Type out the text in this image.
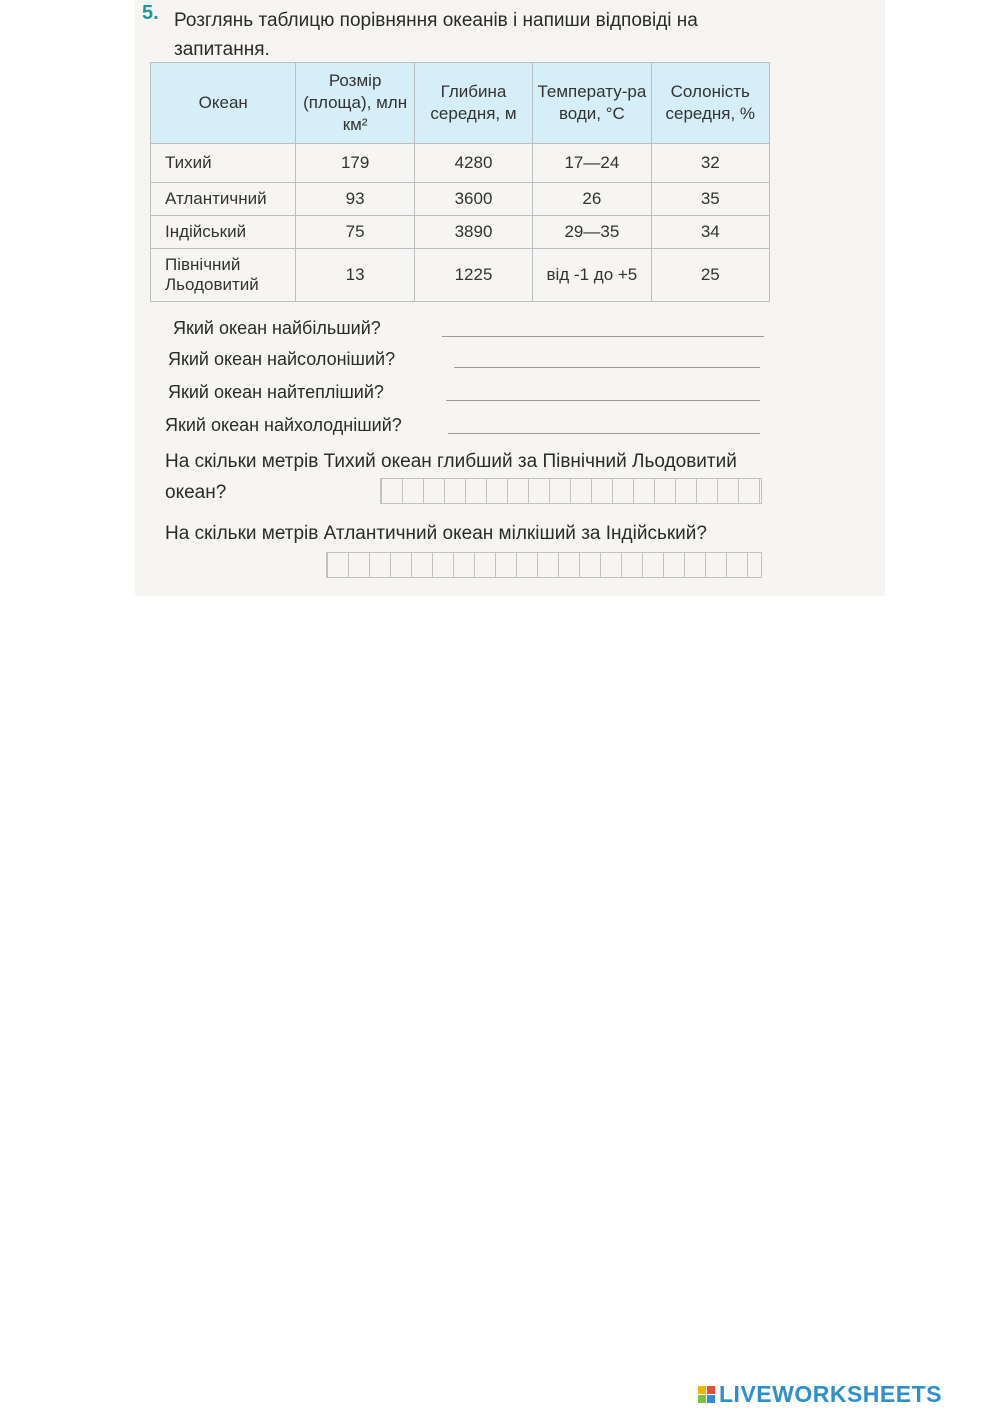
5. Розглянь таблицю порівняння океанів і напиши відповіді на запитання.
Океан	Розмір (площа), млн км²	Глибина середня, м	Температу-ра води, °С	Солоність середня, %
Тихий	179	4280	17—24	32
Атлантичний	93	3600	26	35
Індійський	75	3890	29—35	34
Північний Льодовитий	13	1225	від -1 до +5	25
Який океан найбільший?
Який океан найсолоніший?
Який океан найтепліший?
Який океан найхолодніший?
На скільки метрів Тихий океан глибший за Північний Льодовитий океан?
На скільки метрів Атлантичний океан мілкіший за Індійський?
LIVEWORKSHEETS
